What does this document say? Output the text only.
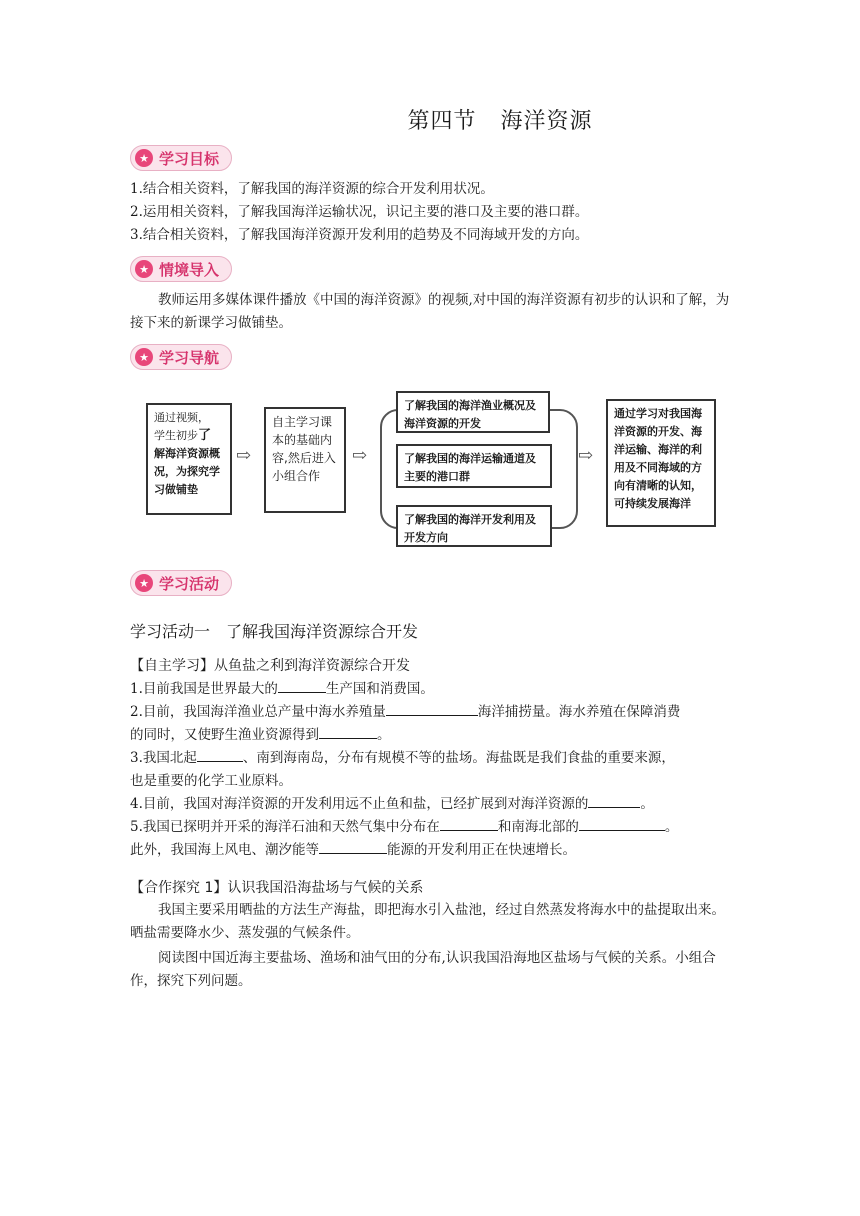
第四节 海洋资源
★ 学习目标
1.结合相关资料，了解我国的海洋资源的综合开发利用状况。
2.运用相关资料，了解我国海洋运输状况，识记主要的港口及主要的港口群。
3.结合相关资料，了解我国海洋资源开发利用的趋势及不同海域开发的方向。
★ 情境导入
教师运用多媒体课件播放《中国的海洋资源》的视频,对中国的海洋资源有初步的认识和了解，为接下来的新课学习做铺垫。
★ 学习导航
通过视频，
学生初步了
解海洋资源概况，为探究学习做铺垫
⇨
自主学习课本的基础内容,然后进入小组合作
⇨
了解我国的海洋渔业概况及海洋资源的开发
了解我国的海洋运输通道及主要的港口群
了解我国的海洋开发利用及开发方向
⇨
通过学习对我国海洋资源的开发、海洋运输、海洋的利用及不同海域的方向有清晰的认知，可持续发展海洋
★ 学习活动
学习活动一　了解我国海洋资源综合开发
【自主学习】从鱼盐之利到海洋资源综合开发
1.目前我国是世界最大的	生产国和消费国。
2.目前，我国海洋渔业总产量中海水养殖量	海洋捕捞量。海水养殖在保障消费
的同时，又使野生渔业资源得到	。
3.我国北起	、南到海南岛，分布有规模不等的盐场。海盐既是我们食盐的重要来源，
也是重要的化学工业原料。
4.目前，我国对海洋资源的开发利用远不止鱼和盐，已经扩展到对海洋资源的	。
5.我国已探明并开采的海洋石油和天然气集中分布在	和南海北部的	。
此外，我国海上风电、潮汐能等	能源的开发利用正在快速增长。
【合作探究 1】认识我国沿海盐场与气候的关系
我国主要采用晒盐的方法生产海盐，即把海水引入盐池，经过自然蒸发将海水中的盐提取出来。晒盐需要降水少、蒸发强的气候条件。
阅读图中国近海主要盐场、渔场和油气田的分布,认识我国沿海地区盐场与气候的关系。小组合作，探究下列问题。
